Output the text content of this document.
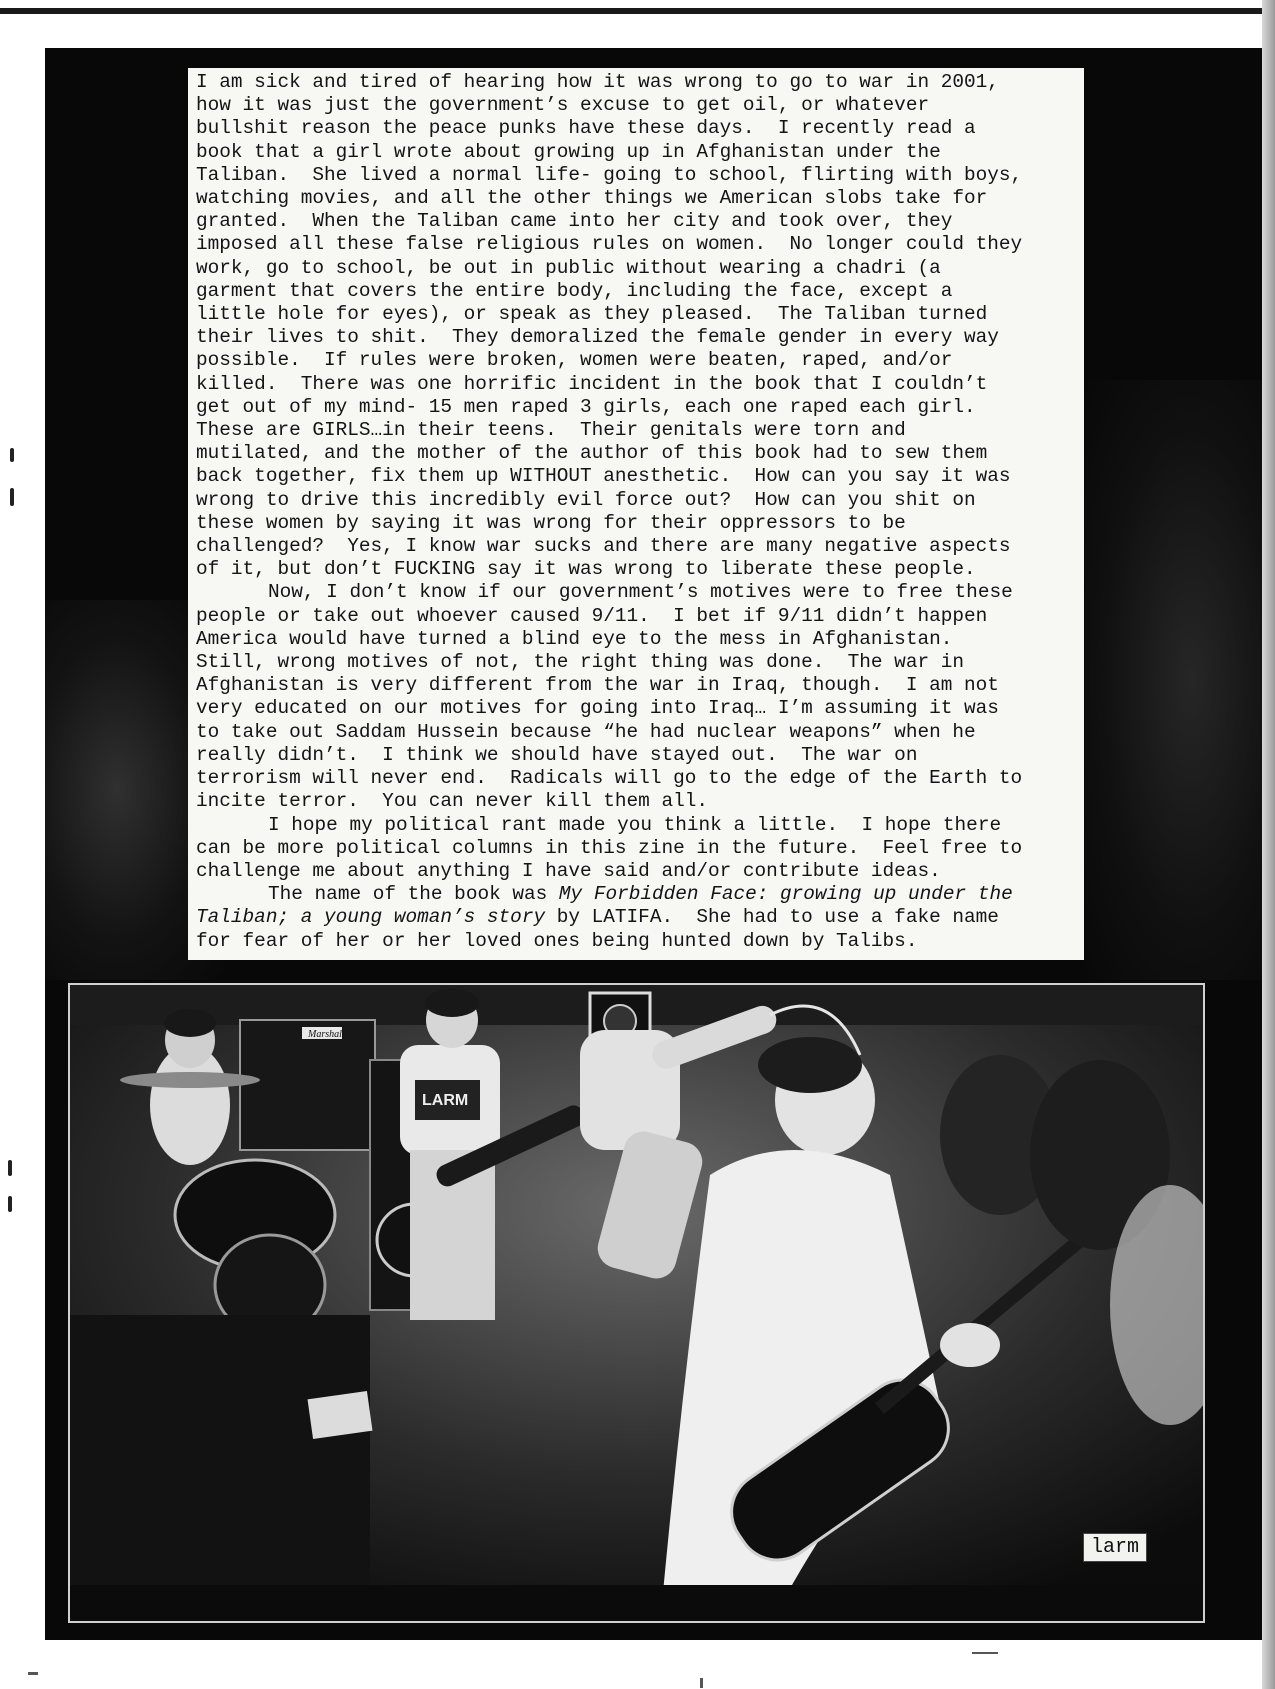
I am sick and tired of hearing how it was wrong to go to war in 2001,
how it was just the government’s excuse to get oil, or whatever
bullshit reason the peace punks have these days.  I recently read a
book that a girl wrote about growing up in Afghanistan under the
Taliban.  She lived a normal life- going to school, flirting with boys,
watching movies, and all the other things we American slobs take for
granted.  When the Taliban came into her city and took over, they
imposed all these false religious rules on women.  No longer could they
work, go to school, be out in public without wearing a chadri (a
garment that covers the entire body, including the face, except a
little hole for eyes), or speak as they pleased.  The Taliban turned
their lives to shit.  They demoralized the female gender in every way
possible.  If rules were broken, women were beaten, raped, and/or
killed.  There was one horrific incident in the book that I couldn’t
get out of my mind- 15 men raped 3 girls, each one raped each girl.
These are GIRLS…in their teens.  Their genitals were torn and
mutilated, and the mother of the author of this book had to sew them
back together, fix them up WITHOUT anesthetic.  How can you say it was
wrong to drive this incredibly evil force out?  How can you shit on
these women by saying it was wrong for their oppressors to be
challenged?  Yes, I know war sucks and there are many negative aspects
of it, but don’t FUCKING say it was wrong to liberate these people.

Now, I don’t know if our government’s motives were to free these
people or take out whoever caused 9/11.  I bet if 9/11 didn’t happen
America would have turned a blind eye to the mess in Afghanistan.
Still, wrong motives of not, the right thing was done.  The war in
Afghanistan is very different from the war in Iraq, though.  I am not
very educated on our motives for going into Iraq… I’m assuming it was
to take out Saddam Hussein because “he had nuclear weapons” when he
really didn’t.  I think we should have stayed out.  The war on
terrorism will never end.  Radicals will go to the edge of the Earth to
incite terror.  You can never kill them all.

I hope my political rant made you think a little.  I hope there
can be more political columns in this zine in the future.  Feel free to
challenge me about anything I have said and/or contribute ideas.

The name of the book was My Forbidden Face: growing up under the
Taliban; a young woman’s story by LATIFA.  She had to use a fake name
for fear of her or her loved ones being hunted down by Talibs.

Marshall
LARM
larm
